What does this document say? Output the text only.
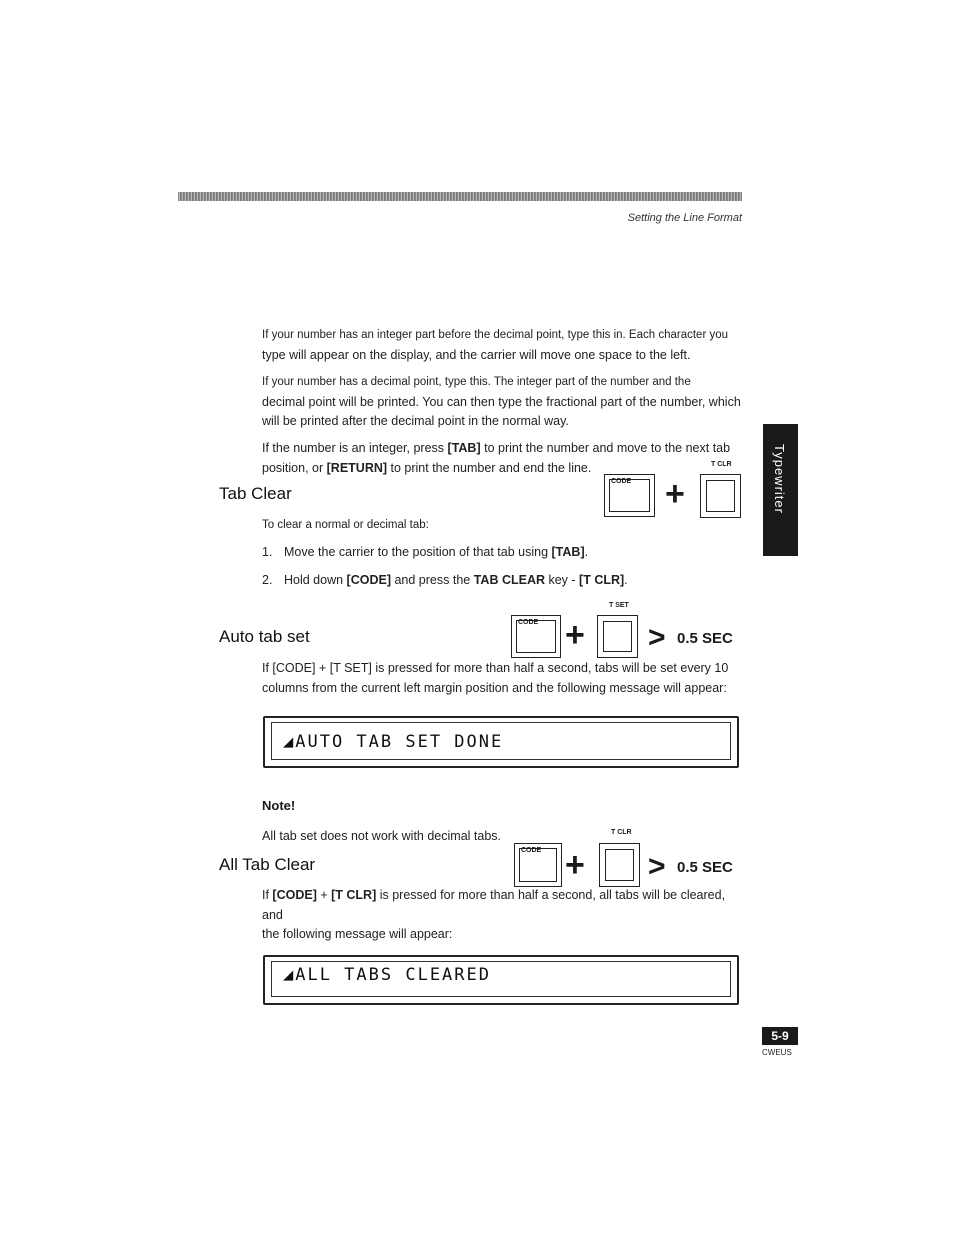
Setting the Line Format
If your number has an integer part before the decimal point, type this in. Each character you
type will appear on the display, and the carrier will move one space to the left.
If your number has a decimal point, type this. The integer part of the number and the
decimal point will be printed. You can then type the fractional part of the number, which
will be printed after the decimal point in the normal way.
If the number is an integer, press [TAB] to print the number and move to the next tab
position, or [RETURN] to print the number and end the line.
Tab Clear
CODE +
T CLR
To clear a normal or decimal tab:
1. Move the carrier to the position of that tab using [TAB].
2. Hold down [CODE] and press the TAB CLEAR key - [T CLR].
Auto tab set
CODE +
T SET
> 0.5 SEC
If [CODE] + [T SET] is pressed for more than half a second, tabs will be set every 10
columns from the current left margin position and the following message will appear:
◢AUTO TAB SET DONE
Note!
All tab set does not work with decimal tabs.
All Tab Clear
CODE +
T CLR
> 0.5 SEC
If [CODE] + [T CLR] is pressed for more than half a second, all tabs will be cleared, and
the following message will appear:
◢ALL TABS CLEARED
Typewriter
5-9
CWEUS
